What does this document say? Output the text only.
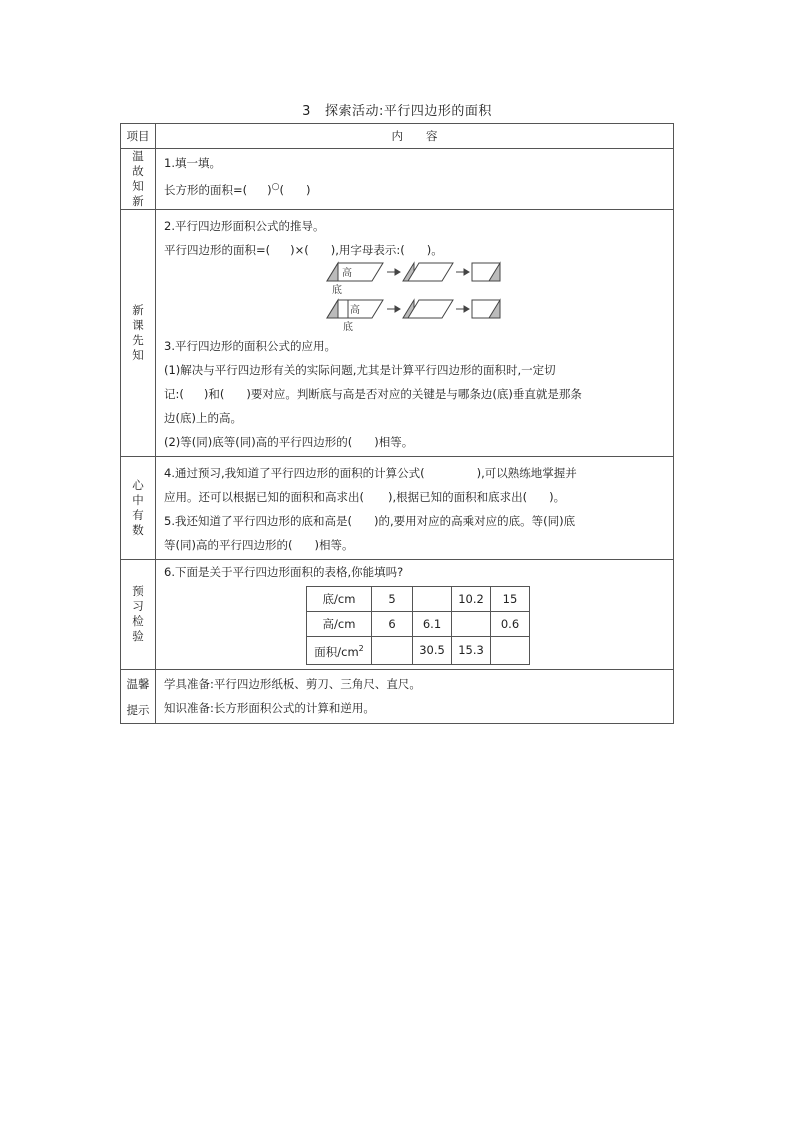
3 探索活动:平行四边形的面积
项目	内　　容

温
故
知
新

1.填一填。
长方形的面积=( )○( )

新
课
先
知

2.平行四边形面积公式的推导。
平行四边形的面积=( )×( ),用字母表示:( )。
高
底
高
底
3.平行四边形的面积公式的应用。
(1)解决与平行四边形有关的实际问题,尤其是计算平行四边形的面积时,一定切
记:( )和( )要对应。判断底与高是否对应的关键是与哪条边(底)垂直就是那条
边(底)上的高。
(2)等(同)底等(同)高的平行四边形的( )相等。

心
中
有
数

4.通过预习,我知道了平行四边形的面积的计算公式(	),可以熟练地掌握并
应用。还可以根据已知的面积和高求出( ),根据已知的面积和底求出( )。
5.我还知道了平行四边形的底和高是( )的,要用对应的高乘对应的底。等(同)底
等(同)高的平行四边形的( )相等。

预
习
检
验

6.下面是关于平行四边形面积的表格,你能填吗?
底/cm	5		10.2	15
高/cm	6	6.1		0.6
面积$/cm^2$		30.5	15.3	

温馨
提示

学具准备:平行四边形纸板、剪刀、三角尺、直尺。
知识准备:长方形面积公式的计算和逆用。
